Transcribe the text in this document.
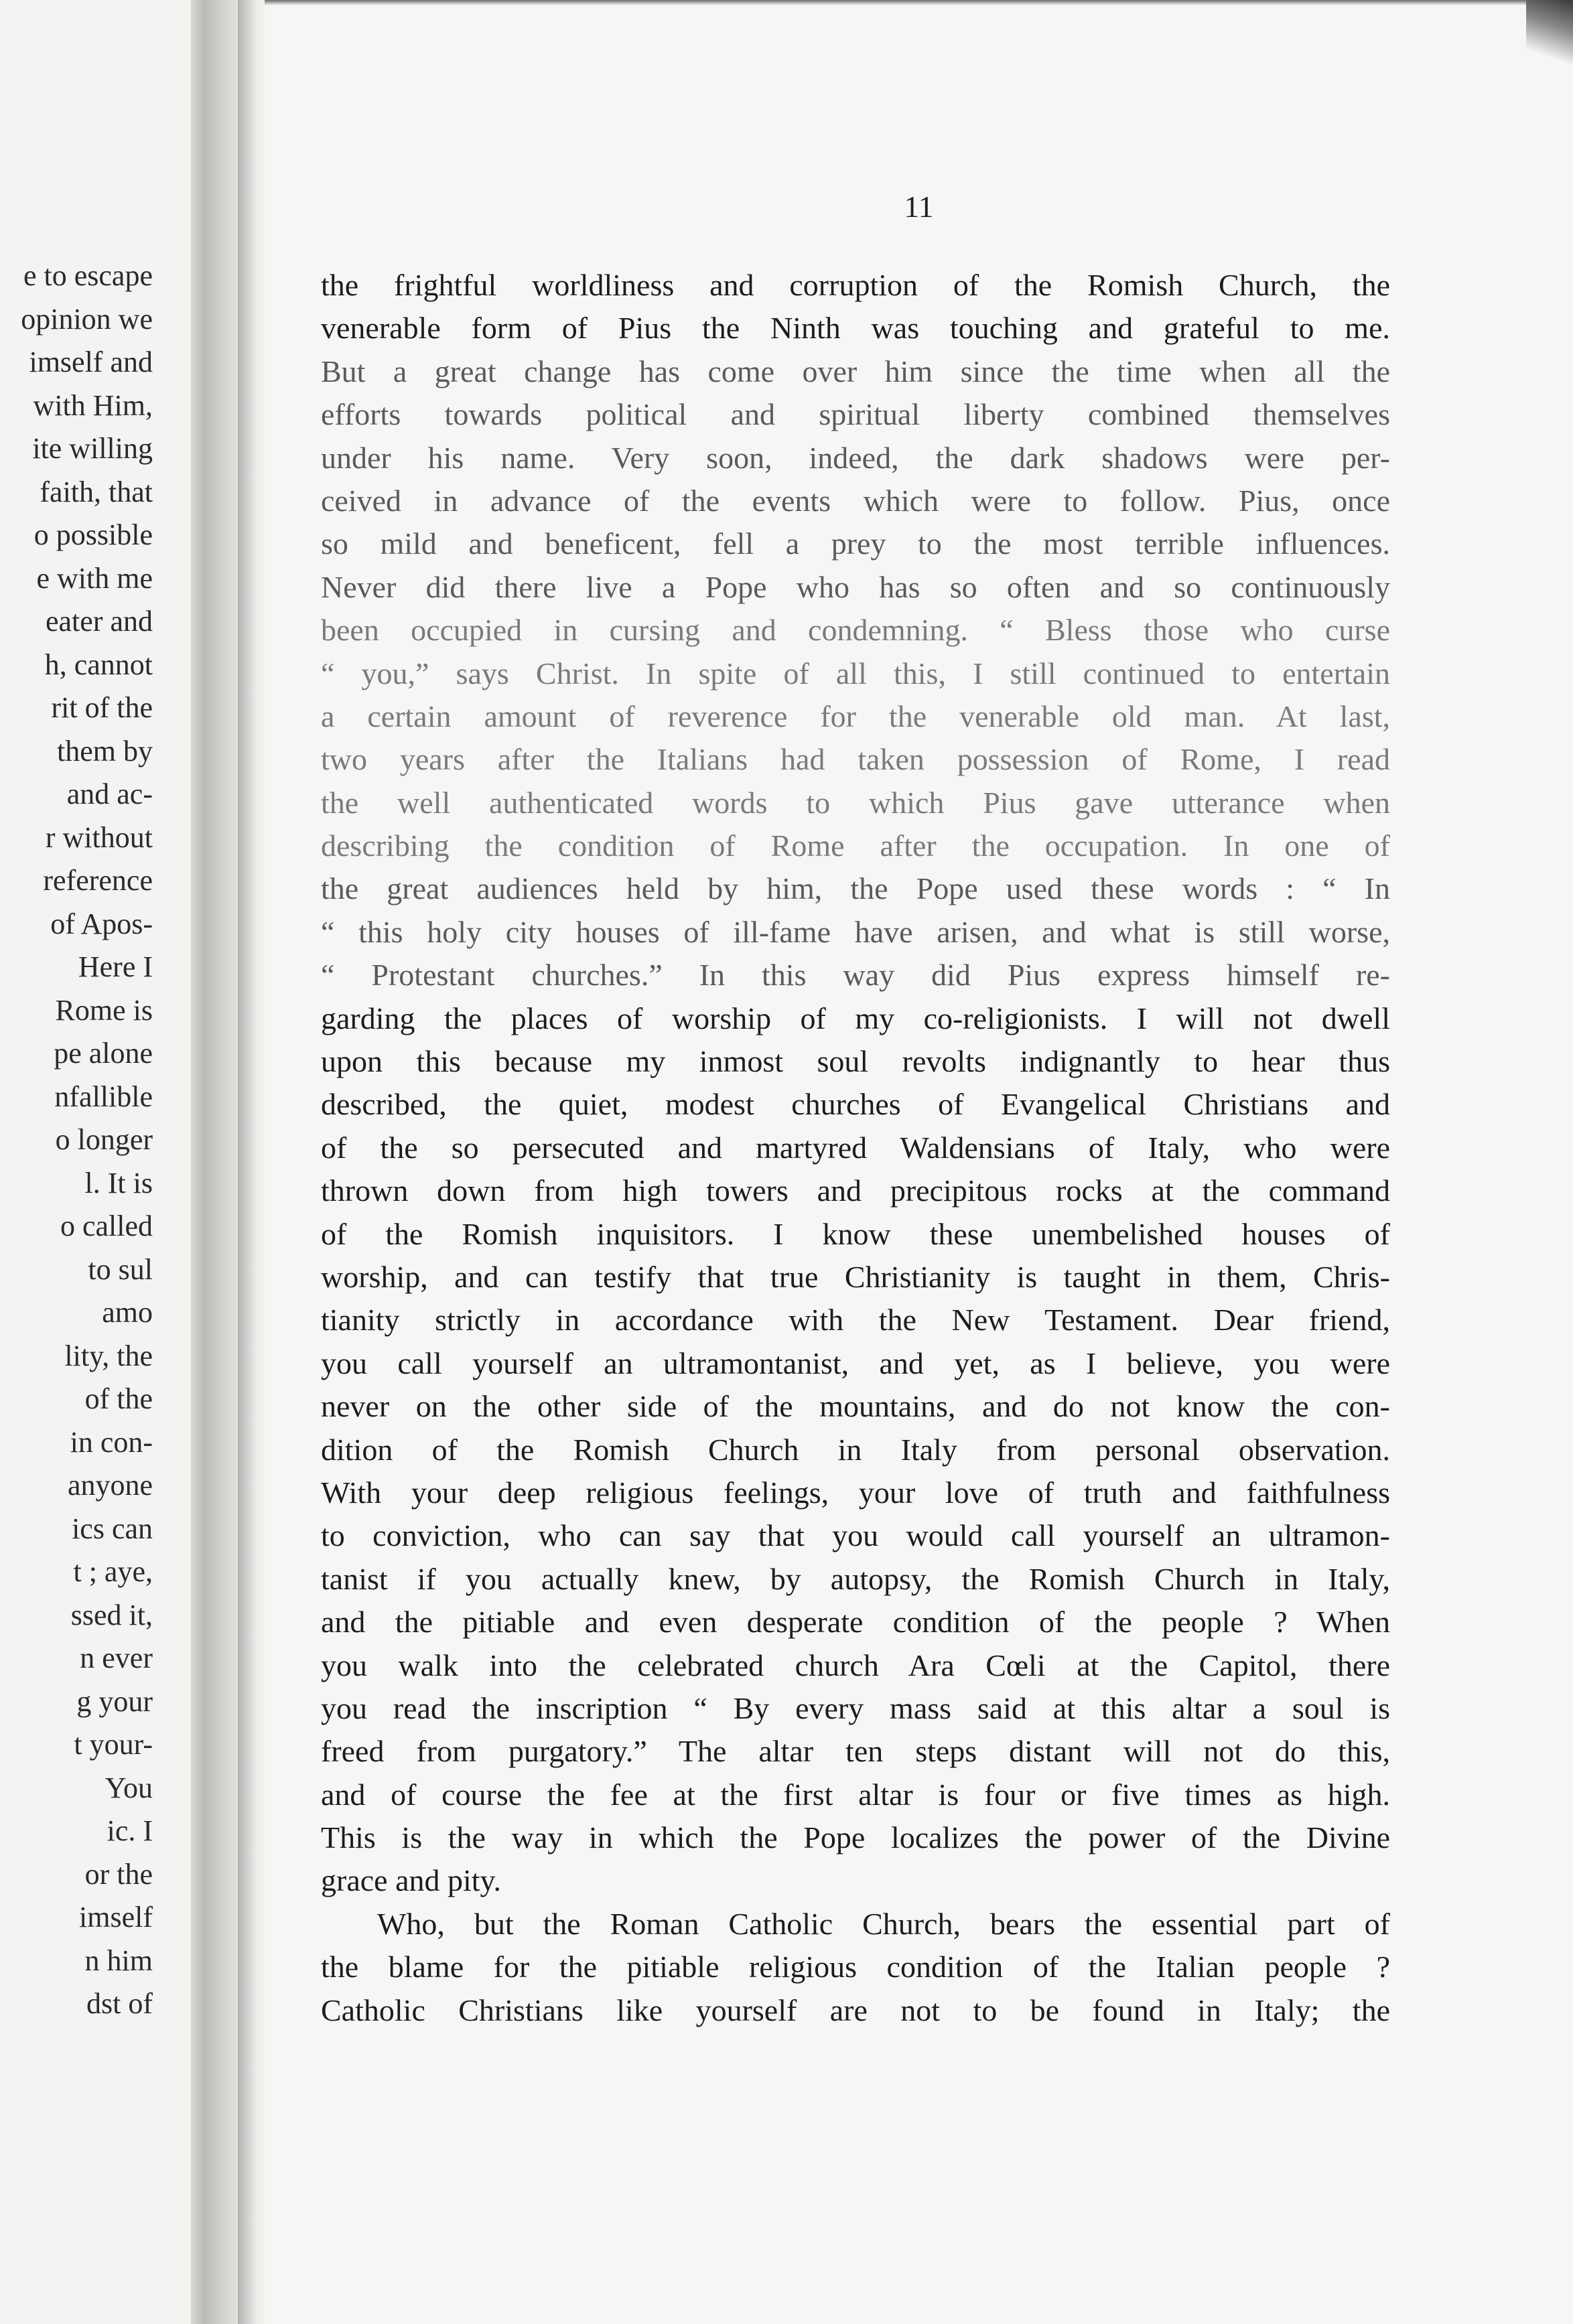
e to escape
opinion we
imself and
with Him,
ite willing
faith, that
o possible
e with me
eater and
h, cannot
rit of the
them by
and ac-
r without
reference
of Apos-
Here I
Rome is
pe alone
nfallible
o longer
l. It is
o called
to sul
amo
lity, the
of the
in con-
anyone
ics can
t ; aye,
ssed it,
n ever
g your
t your-
You
ic. I
or the
imself
n him
dst of
11
the frightful worldliness and corruption of the Romish Church, the
venerable form of Pius the Ninth was touching and grateful to me.
But a great change has come over him since the time when all the
efforts towards political and spiritual liberty combined themselves
under his name. Very soon, indeed, the dark shadows were per-
ceived in advance of the events which were to follow. Pius, once
so mild and beneficent, fell a prey to the most terrible influences.
Never did there live a Pope who has so often and so continuously
been occupied in cursing and condemning. “ Bless those who curse
“ you,” says Christ. In spite of all this, I still continued to entertain
a certain amount of reverence for the venerable old man. At last,
two years after the Italians had taken possession of Rome, I read
the well authenticated words to which Pius gave utterance when
describing the condition of Rome after the occupation. In one of
the great audiences held by him, the Pope used these words : “ In
“ this holy city houses of ill-fame have arisen, and what is still worse,
“ Protestant churches.” In this way did Pius express himself re-
garding the places of worship of my co-religionists. I will not dwell
upon this because my inmost soul revolts indignantly to hear thus
described, the quiet, modest churches of Evangelical Christians and
of the so persecuted and martyred Waldensians of Italy, who were
thrown down from high towers and precipitous rocks at the command
of the Romish inquisitors. I know these unembelished houses of
worship, and can testify that true Christianity is taught in them, Chris-
tianity strictly in accordance with the New Testament. Dear friend,
you call yourself an ultramontanist, and yet, as I believe, you were
never on the other side of the mountains, and do not know the con-
dition of the Romish Church in Italy from personal observation.
With your deep religious feelings, your love of truth and faithfulness
to conviction, who can say that you would call yourself an ultramon-
tanist if you actually knew, by autopsy, the Romish Church in Italy,
and the pitiable and even desperate condition of the people ? When
you walk into the celebrated church Ara Cœli at the Capitol, there
you read the inscription “ By every mass said at this altar a soul is
freed from purgatory.” The altar ten steps distant will not do this,
and of course the fee at the first altar is four or five times as high.
This is the way in which the Pope localizes the power of the Divine
grace and pity.
Who, but the Roman Catholic Church, bears the essential part of
the blame for the pitiable religious condition of the Italian people ?
Catholic Christians like yourself are not to be found in Italy; the
